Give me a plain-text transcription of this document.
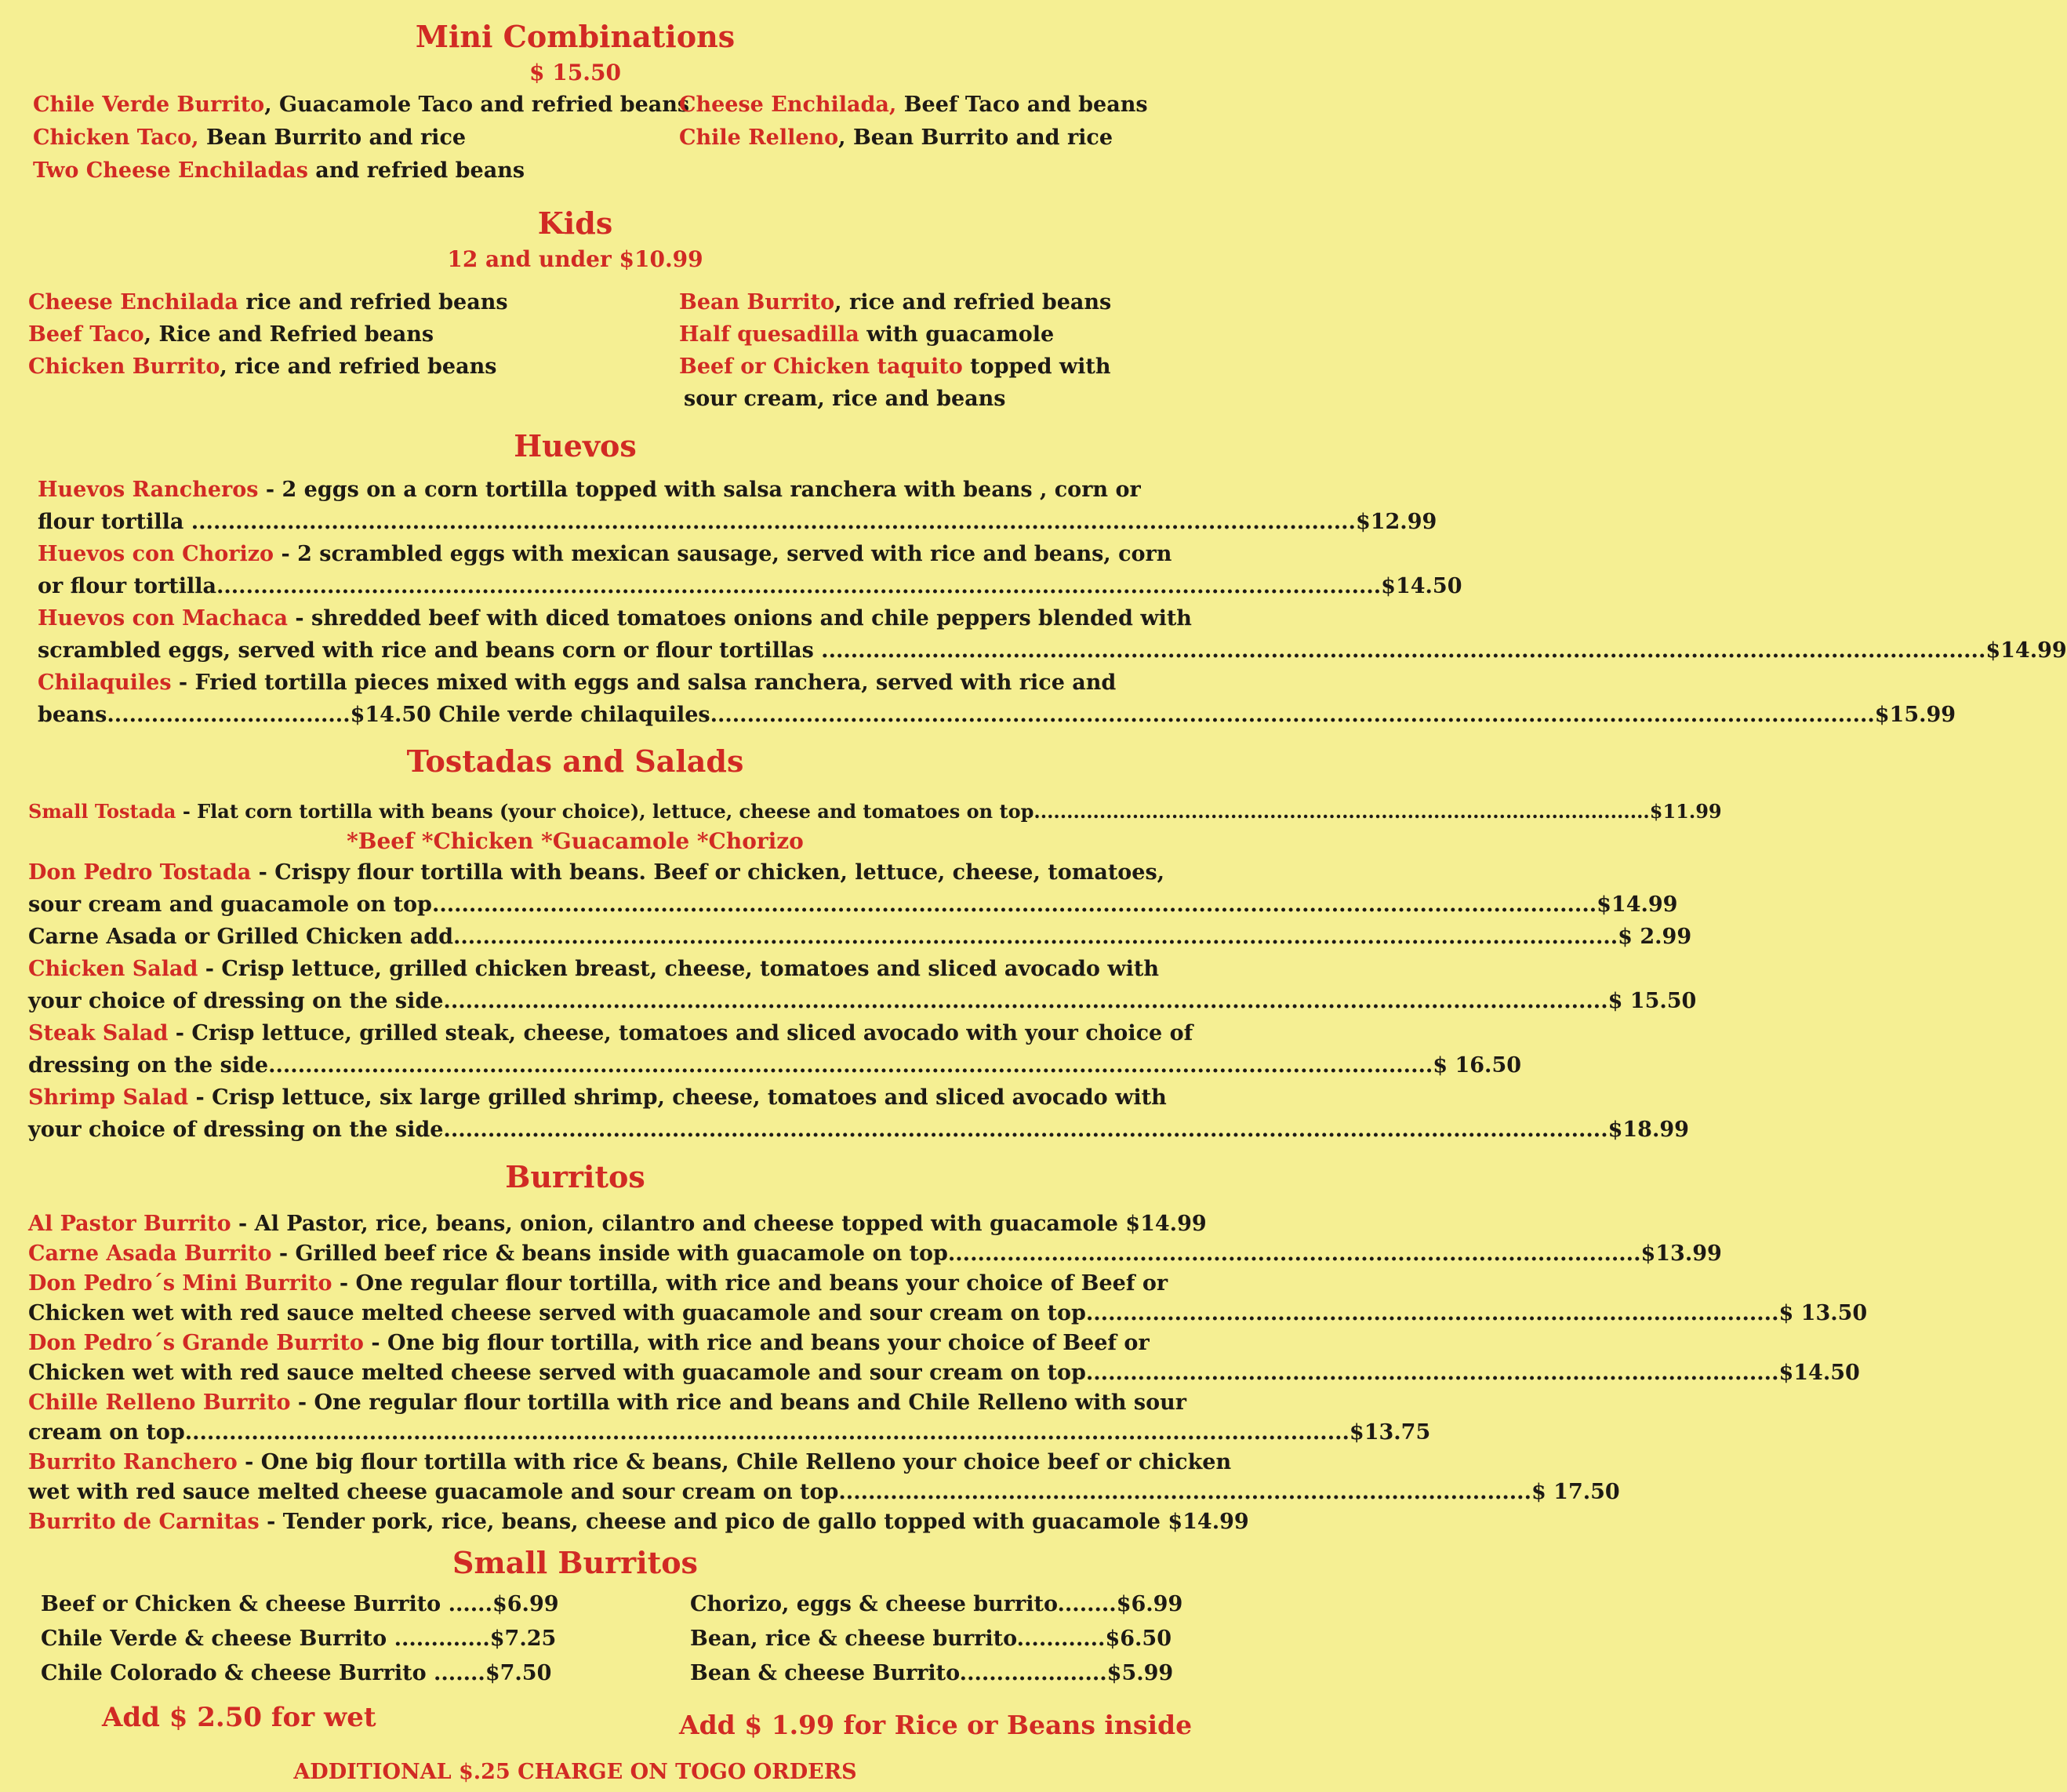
Mini Combinations
$ 15.50
Chile Verde Burrito, Guacamole Taco and refried beans
Chicken Taco, Bean Burrito and rice
Two Cheese Enchiladas and refried beans
Cheese Enchilada, Beef Taco and beans
Chile Relleno, Bean Burrito and rice
Kids
12 and under $10.99
Cheese Enchilada rice and refried beans
Beef Taco, Rice and Refried beans
Chicken Burrito, rice and refried beans
Bean Burrito, rice and refried beans
Half quesadilla with guacamole
Beef or Chicken taquito topped with
sour cream, rice and beans
Huevos
Huevos Rancheros - 2 eggs on a corn tortilla topped with salsa ranchera with beans , corn or
flour tortilla .............................................................................................................................................................. $12.99
Huevos con Chorizo - 2 scrambled eggs with mexican sausage, served with rice and beans, corn
or flour tortilla.............................................................................................................................................................. $14.50
Huevos con Machaca - shredded beef with diced tomatoes onions and chile peppers blended with
scrambled eggs, served with rice and beans corn or flour tortillas .............................................................................................................................................................. $14.99
Chilaquiles - Fried tortilla pieces mixed with eggs and salsa ranchera, served with rice and
beans.................................$14.50 Chile verde chilaquiles .............................................................................................................................................................. $15.99
Tostadas and Salads
Small Tostada - Flat corn tortilla with beans (your choice), lettuce, cheese and tomatoes on top.............................................................................................. $11.99
*Beef *Chicken *Guacamole *Chorizo
Don Pedro Tostada - Crispy flour tortilla with beans. Beef or chicken, lettuce, cheese, tomatoes,
sour cream and guacamole on top.............................................................................................................................................................. $14.99
Carne Asada or Grilled Chicken add.............................................................................................................................................................. $ 2.99
Chicken Salad - Crisp lettuce, grilled chicken breast, cheese, tomatoes and sliced avocado with
your choice of dressing on the side.............................................................................................................................................................. $ 15.50
Steak Salad - Crisp lettuce, grilled steak, cheese, tomatoes and sliced avocado with your choice of
dressing on the side.............................................................................................................................................................. $ 16.50
Shrimp Salad - Crisp lettuce, six large grilled shrimp, cheese, tomatoes and sliced avocado with
your choice of dressing on the side.............................................................................................................................................................. $18.99
Burritos
Al Pastor Burrito - Al Pastor, rice, beans, onion, cilantro and cheese topped with guacamole $14.99
Carne Asada Burrito - Grilled beef rice & beans inside with guacamole on top.............................................................................................. $13.99
Don Pedro´s Mini Burrito - One regular flour tortilla, with rice and beans your choice of Beef or
Chicken wet with red sauce melted cheese served with guacamole and sour cream on top.............................................................................................. $ 13.50
Don Pedro´s Grande Burrito - One big flour tortilla, with rice and beans your choice of Beef or
Chicken wet with red sauce melted cheese served with guacamole and sour cream on top.............................................................................................. $14.50
Chille Relleno Burrito - One regular flour tortilla with rice and beans and Chile Relleno with sour
cream on top.............................................................................................................................................................. $13.75
Burrito Ranchero - One big flour tortilla with rice & beans, Chile Relleno your choice beef or chicken
wet with red sauce melted cheese guacamole and sour cream on top.............................................................................................. $ 17.50
Burrito de Carnitas - Tender pork, rice, beans, cheese and pico de gallo topped with guacamole $14.99
Small Burritos
Beef or Chicken & cheese Burrito ......$6.99
Chile Verde & cheese Burrito .............$7.25
Chile Colorado & cheese Burrito .......$7.50
Chorizo, eggs & cheese burrito........$6.99
Bean, rice & cheese burrito............$6.50
Bean & cheese Burrito....................$5.99
Add $ 2.50 for wet	Add $ 1.99 for Rice or Beans inside
ADDITIONAL $.25 CHARGE ON TOGO ORDERS
